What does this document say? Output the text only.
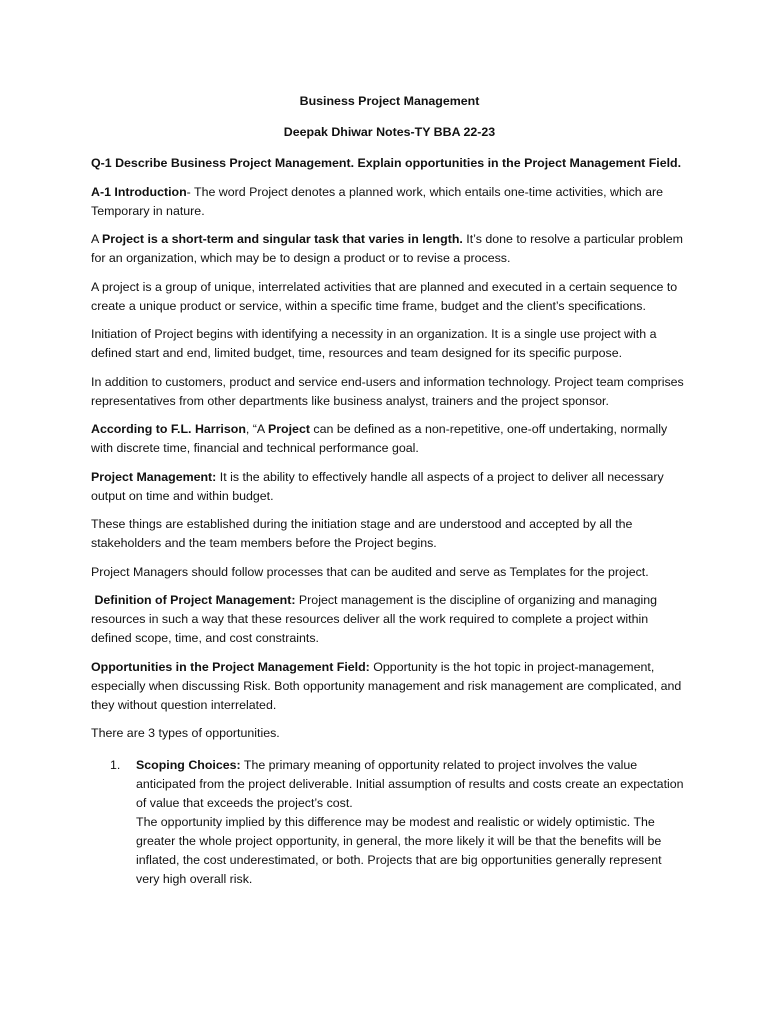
Business Project Management
Deepak Dhiwar Notes-TY BBA 22-23

Q-1 Describe Business Project Management. Explain opportunities in the Project Management Field.

A-1 Introduction- The word Project denotes a planned work, which entails one-time activities, which are Temporary in nature.

A Project is a short-term and singular task that varies in length. It’s done to resolve a particular problem for an organization, which may be to design a product or to revise a process.

A project is a group of unique, interrelated activities that are planned and executed in a certain sequence to create a unique product or service, within a specific time frame, budget and the client’s specifications.

Initiation of Project begins with identifying a necessity in an organization. It is a single use project with a defined start and end, limited budget, time, resources and team designed for its specific purpose.

In addition to customers, product and service end-users and information technology. Project team comprises representatives from other departments like business analyst, trainers and the project sponsor.

According to F.L. Harrison, “A Project can be defined as a non-repetitive, one-off undertaking, normally with discrete time, financial and technical performance goal.

Project Management: It is the ability to effectively handle all aspects of a project to deliver all necessary output on time and within budget.

These things are established during the initiation stage and are understood and accepted by all the stakeholders and the team members before the Project begins.

Project Managers should follow processes that can be audited and serve as Templates for the project.

Definition of Project Management: Project management is the discipline of organizing and managing resources in such a way that these resources deliver all the work required to complete a project within defined scope, time, and cost constraints.

Opportunities in the Project Management Field: Opportunity is the hot topic in project-management, especially when discussing Risk. Both opportunity management and risk management are complicated, and they without question interrelated.

There are 3 types of opportunities.

1. Scoping Choices: The primary meaning of opportunity related to project involves the value anticipated from the project deliverable. Initial assumption of results and costs create an expectation of value that exceeds the project’s cost.
The opportunity implied by this difference may be modest and realistic or widely optimistic. The greater the whole project opportunity, in general, the more likely it will be that the benefits will be inflated, the cost underestimated, or both. Projects that are big opportunities generally represent very high overall risk.
